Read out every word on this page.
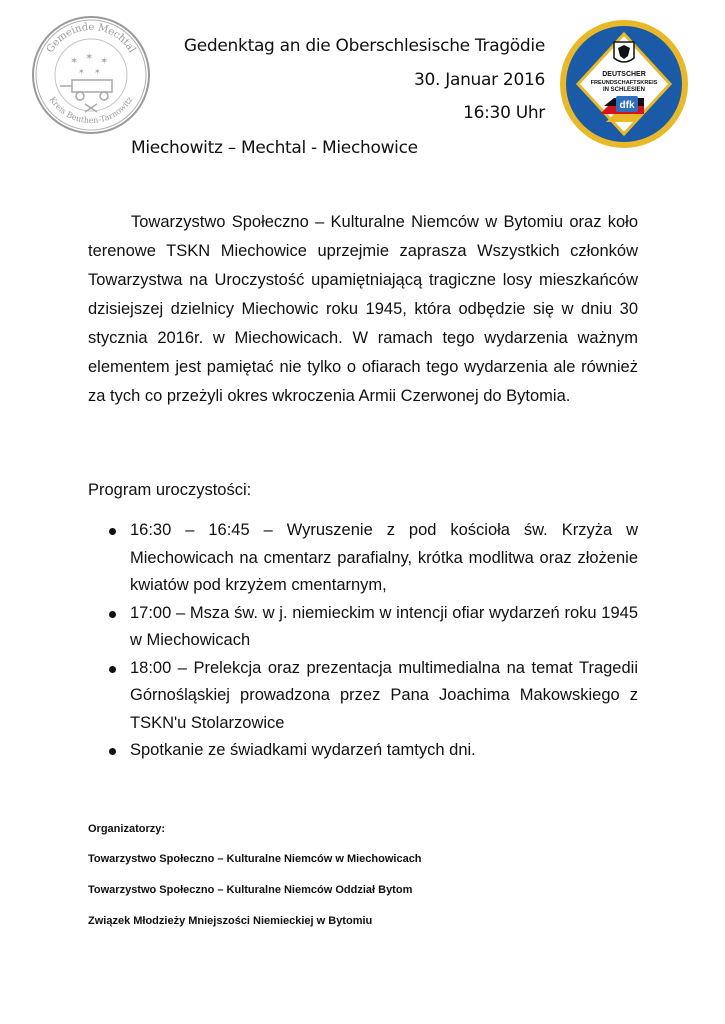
Gemeinde Mechtal
Kreis Beuthen-Tarnowitz
✶ ✶ ✶
✶ ✶	DEUTSCHER
FREUNDSCHAFTSKREIS
IN SCHLESIEN
dfk
Gedenktag an die Oberschlesische Tragödie
30. Januar 2016
16:30 Uhr
Miechowitz – Mechtal - Miechowice

Towarzystwo Społeczno – Kulturalne Niemców w Bytomiu oraz koło terenowe TSKN Miechowice uprzejmie zaprasza Wszystkich członków Towarzystwa na Uroczystość upamiętniającą tragiczne losy mieszkańców dzisiejszej dzielnicy Miechowic roku 1945, która odbędzie się w dniu 30 stycznia 2016r. w Miechowicach. W ramach tego wydarzenia ważnym elementem jest pamiętać nie tylko o ofiarach tego wydarzenia ale również za tych co przeżyli okres wkroczenia Armii Czerwonej do Bytomia.

Program uroczystości:

16:30 – 16:45 – Wyruszenie z pod kościoła św. Krzyża w Miechowicach na cmentarz parafialny, krótka modlitwa oraz złożenie kwiatów pod krzyżem cmentarnym,
17:00 – Msza św. w j. niemieckim w intencji ofiar wydarzeń roku 1945 w Miechowicach
18:00 – Prelekcja oraz prezentacja multimedialna na temat Tragedii Górnośląskiej prowadzona przez Pana Joachima Makowskiego z TSKN'u Stolarzowice
Spotkanie ze świadkami wydarzeń tamtych dni.
Organizatorzy:
Towarzystwo Społeczno – Kulturalne Niemców w Miechowicach
Towarzystwo Społeczno – Kulturalne Niemców Oddział Bytom
Związek Młodzieży Mniejszości Niemieckiej w Bytomiu
